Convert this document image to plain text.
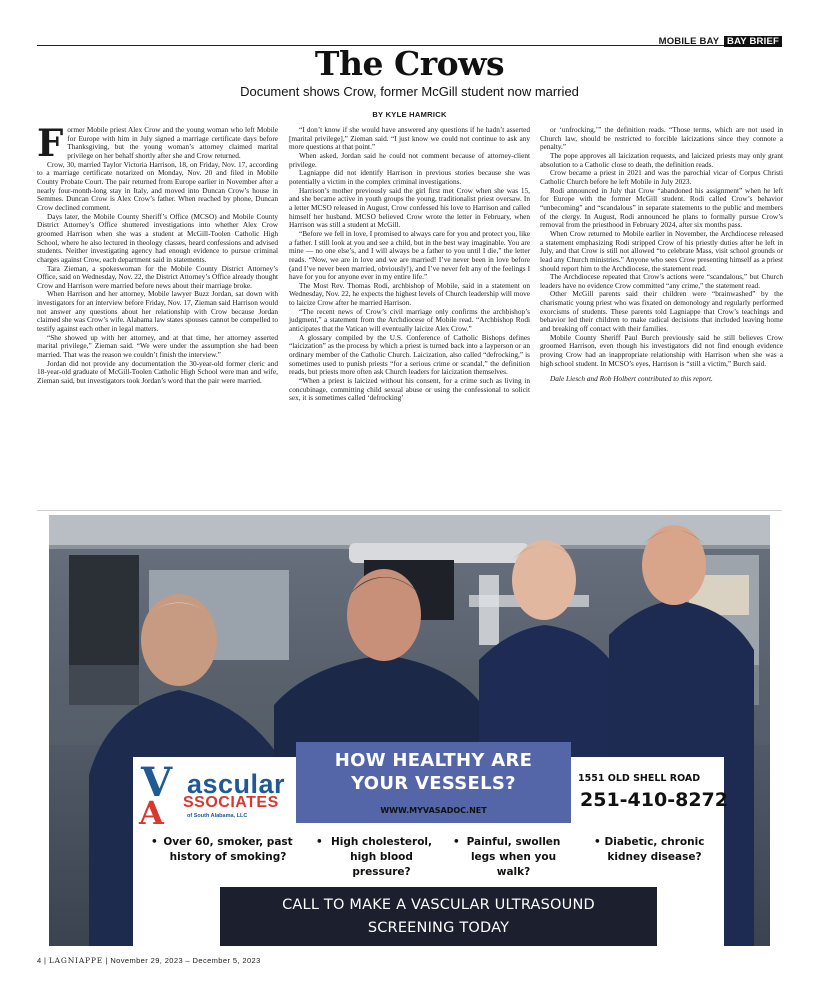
MOBILE BAY BAY BRIEF
The Crows
Document shows Crow, former McGill student now married
BY KYLE HAMRICK

Former Mobile priest Alex Crow and the young woman who left Mobile for Europe with him in July signed a marriage certificate days before Thanksgiving, but the young woman’s attorney claimed marital privilege on her behalf shortly after she and Crow returned.

Crow, 30, married Taylor Victoria Harrison, 18, on Friday, Nov. 17, according to a marriage certificate notarized on Monday, Nov. 20 and filed in Mobile County Probate Court. The pair returned from Europe earlier in November after a nearly four-month-long stay in Italy, and moved into Duncan Crow’s house in Semmes. Duncan Crow is Alex Crow’s father. When reached by phone, Duncan Crow declined comment.

Days later, the Mobile County Sheriff’s Office (MCSO) and Mobile County District Attorney’s Office shuttered investigations into whether Alex Crow groomed Harrison when she was a student at McGill-Toolen Catholic High School, where he also lectured in theology classes, heard confessions and advised students. Neither investigating agency had enough evidence to pursue criminal charges against Crow, each department said in statements.

Tara Zieman, a spokeswoman for the Mobile County District Attorney’s Office, said on Wednesday, Nov. 22, the District Attorney’s Office already thought Crow and Harrison were married before news about their marriage broke.

When Harrison and her attorney, Mobile lawyer Buzz Jordan, sat down with investigators for an interview before Friday, Nov. 17, Zieman said Harrison would not answer any questions about her relationship with Crow because Jordan claimed she was Crow’s wife. Alabama law states spouses cannot be compelled to testify against each other in legal matters.

“She showed up with her attorney, and at that time, her attorney asserted marital privilege,” Zieman said. “We were under the assumption she had been married. That was the reason we couldn’t finish the interview.”

Jordan did not provide any documentation the 30-year-old former cleric and 18-year-old graduate of McGill-Toolen Catholic High School were man and wife, Zieman said, but investigators took Jordan’s word that the pair were married.

“I don’t know if she would have answered any questions if he hadn’t asserted [marital privilege],” Zieman said. “I just know we could not continue to ask any more questions at that point.”

When asked, Jordan said he could not comment because of attorney-client privilege.

Lagniappe did not identify Harrison in previous stories because she was potentially a victim in the complex criminal investigations.

Harrison’s mother previously said the girl first met Crow when she was 15, and she became active in youth groups the young, traditionalist priest oversaw. In a letter MCSO released in August, Crow confessed his love to Harrison and called himself her husband. MCSO believed Crow wrote the letter in February, when Harrison was still a student at McGill.

“Before we fell in love, I promised to always care for you and protect you, like a father. I still look at you and see a child, but in the best way imaginable. You are mine — no one else’s, and I will always be a father to you until I die,” the letter reads. “Now, we are in love and we are married! I’ve never been in love before (and I’ve never been married, obviously!), and I’ve never felt any of the feelings I have for you for anyone ever in my entire life.”

The Most Rev. Thomas Rodi, archbishop of Mobile, said in a statement on Wednesday, Nov. 22, he expects the highest levels of Church leadership will move to laicize Crow after he married Harrison.

“The recent news of Crow’s civil marriage only confirms the archbishop’s judgment,” a statement from the Archdiocese of Mobile read. “Archbishop Rodi anticipates that the Vatican will eventually laicize Alex Crow.”

A glossary compiled by the U.S. Conference of Catholic Bishops defines “laicization” as the process by which a priest is turned back into a layperson or an ordinary member of the Catholic Church. Laicization, also called “defrocking,” is sometimes used to punish priests “for a serious crime or scandal,” the definition reads, but priests more often ask Church leaders for laicization themselves.

“When a priest is laicized without his consent, for a crime such as living in concubinage, committing child sexual abuse or using the confessional to solicit sex, it is sometimes called ‘defrocking’

or ‘unfrocking,’” the definition reads. “Those terms, which are not used in Church law, should be restricted to forcible laicizations since they connote a penalty.”

The pope approves all laicization requests, and laicized priests may only grant absolution to a Catholic close to death, the definition reads.

Crow became a priest in 2021 and was the parochial vicar of Corpus Christi Catholic Church before he left Mobile in July 2023.

Rodi announced in July that Crow “abandoned his assignment” when he left for Europe with the former McGill student. Rodi called Crow’s behavior “unbecoming” and “scandalous” in separate statements to the public and members of the clergy. In August, Rodi announced he plans to formally pursue Crow’s removal from the priesthood in February 2024, after six months pass.

When Crow returned to Mobile earlier in November, the Archdiocese released a statement emphasizing Rodi stripped Crow of his priestly duties after he left in July, and that Crow is still not allowed “to celebrate Mass, visit school grounds or lead any Church ministries.” Anyone who sees Crow presenting himself as a priest should report him to the Archdiocese, the statement read.

The Archdiocese repeated that Crow’s actions were “scandalous,” but Church leaders have no evidence Crow committed “any crime,” the statement read.

Other McGill parents said their children were “brainwashed” by the charismatic young priest who was fixated on demonology and regularly performed exorcisms of students. These parents told Lagniappe that Crow’s teachings and behavior led their children to make radical decisions that included leaving home and breaking off contact with their families.

Mobile County Sheriff Paul Burch previously said he still believes Crow groomed Harrison, even though his investigators did not find enough evidence proving Crow had an inappropriate relationship with Harrison when she was a high school student. In MCSO’s eyes, Harrison is “still a victim,” Burch said.

Dale Liesch and Rob Holbert contributed to this report.

HOW HEALTHY ARE
YOUR VESSELS?
WWW.MYVASADOC.NET
V ascular
A SSOCIATES
of South Alabama, LLC
1551 OLD SHELL ROAD
251-410-8272
• Over 60, smoker, past history of smoking?
• High cholesterol, high blood pressure?
• Painful, swollen legs when you walk?
• Diabetic, chronic kidney disease?
CALL TO MAKE A VASCULAR ULTRASOUND
SCREENING TODAY
4 | LAGNIAPPE | November 29, 2023 – December 5, 2023
